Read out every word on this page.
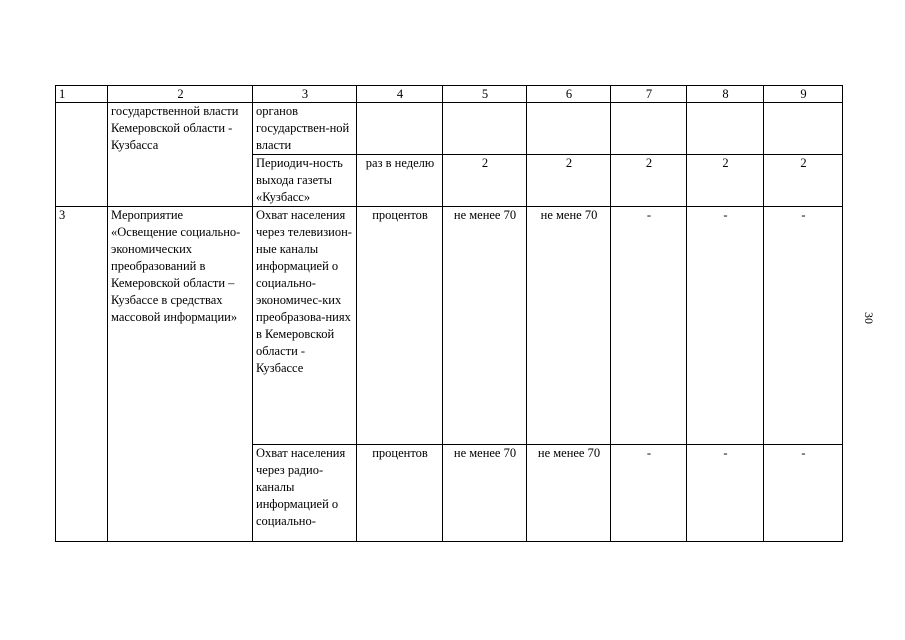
1	2	3	4	5	6	7	8	9
	государственной власти Кемеровской области - Кузбасса	органов государствен-ной власти						
		Периодич-ность выхода газеты «Кузбасс»	раз в неделю	2	2	2	2	2
3	Мероприятие «Освещение социально-экономических преобразований в Кемеровской области – Кузбассе в средствах массовой информации»	Охват населения через телевизион-ные каналы информацией о социально-экономичес-ких преобразова-ниях в Кемеровской области - Кузбассе	процентов	не менее 70	не мене 70	-	-	-
		Охват населения через радио-каналы информацией о социально-	процентов	не менее 70	не менее 70	-	-	-
30
